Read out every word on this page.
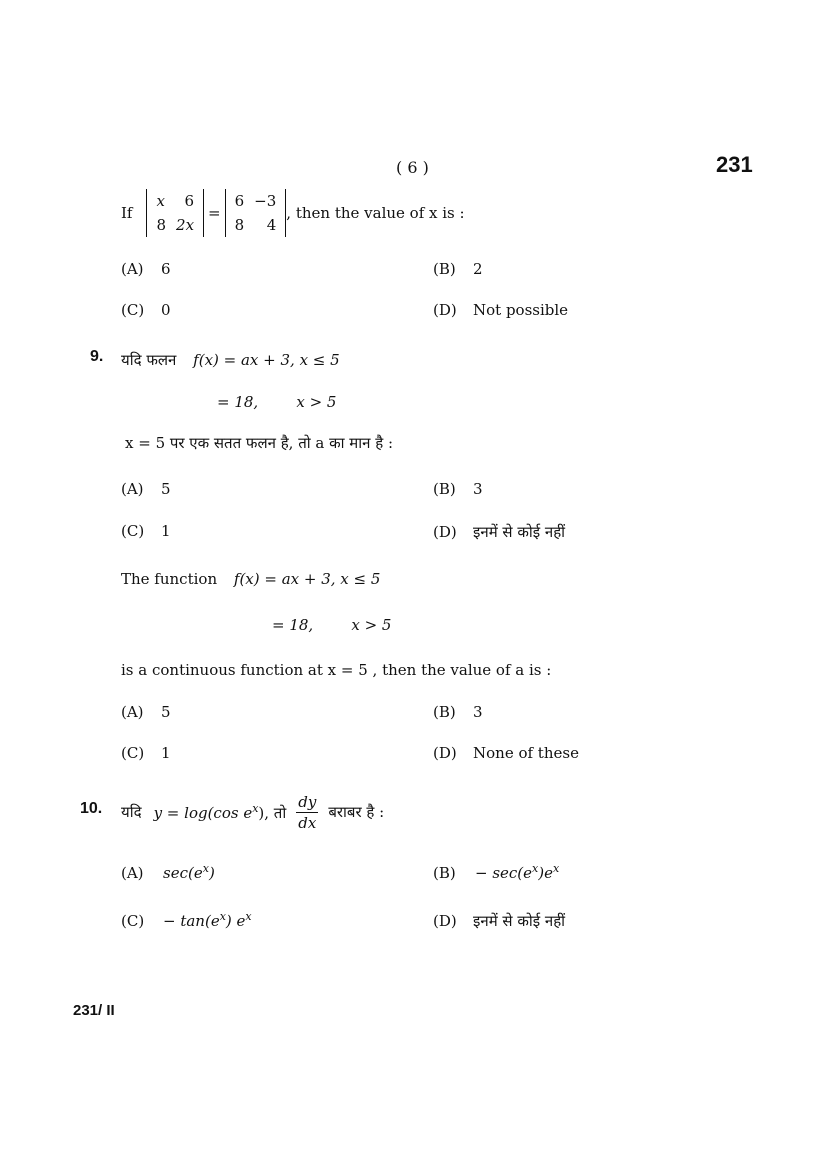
( 6 )	231
If
x	6
8	2x
=
6	−3
8	4
, then the value of x is :
(A) 6	(B) 2
(C) 0	(D) Not possible
9. यदि फलन f(x) = ax + 3, x ≤ 5
= 18,        x > 5
x = 5 पर एक सतत फलन है, तो a का मान है :
(A) 5	(B) 3
(C) 1	(D) इनमें से कोई नहीं
The function f(x) = ax + 3, x ≤ 5
= 18,        x > 5
is a continuous function at x = 5 , then the value of a is :
(A) 5	(B) 3
(C) 1	(D) None of these
10. यदि y = log(cos $e^x$), तो $\frac{dy}{dx}$ बराबर है :
(A) $\sec(e^x)$	$(B) - \sec(e^x)e^x$
$(C) - \tan(e^x)$ $e^x$	(D) इनमें से कोई नहीं
231/ II
